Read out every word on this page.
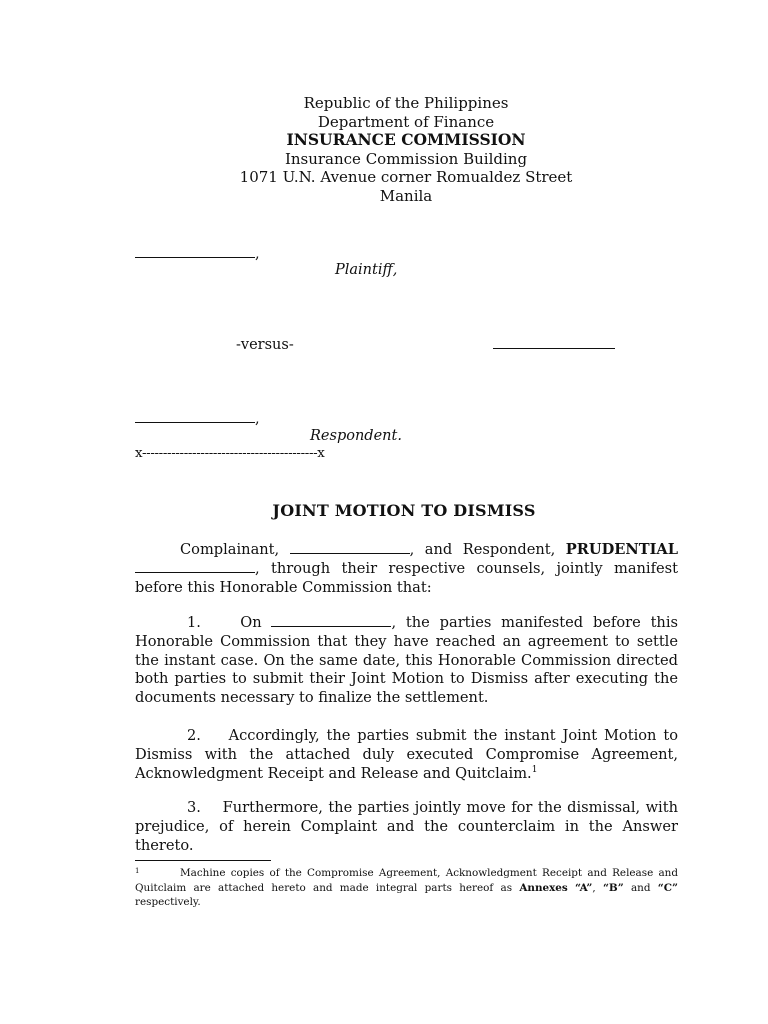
Republic of the Philippines
Department of Finance
INSURANCE COMMISSION
Insurance Commission Building
1071 U.N. Avenue corner Romualdez Street
Manila
,
Plaintiff,
-versus-
,
Respondent.
x------------------------------------------x
JOINT MOTION TO DISMISS
Complainant,	, and Respondent, PRUDENTIAL , through their respective counsels, jointly manifest before this Honorable Commission that:
1.	On	, the parties manifested before this Honorable Commission that they have reached an agreement to settle the instant case. On the same date, this Honorable Commission directed both parties to submit their Joint Motion to Dismiss after executing the documents necessary to finalize the settlement.
2. Accordingly, the parties submit the instant Joint Motion to Dismiss with the attached duly executed Compromise Agreement, Acknowledgment Receipt and Release and Quitclaim.$^1$
3. Furthermore, the parties jointly move for the dismissal, with prejudice, of herein Complaint and the counterclaim in the Answer thereto.
1	Machine copies of the Compromise Agreement, Acknowledgment Receipt and Release and Quitclaim are attached hereto and made integral parts hereof as Annexes “A”, “B” and “C” respectively.
